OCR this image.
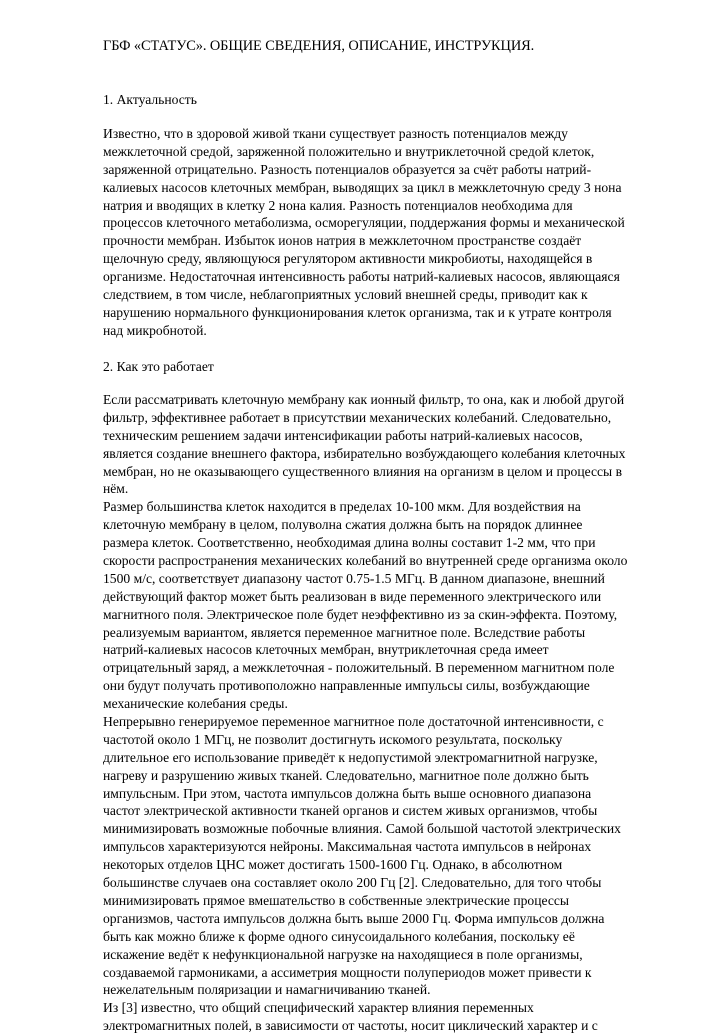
ГБФ «СТАТУС». ОБЩИЕ СВЕДЕНИЯ, ОПИСАНИЕ, ИНСТРУКЦИЯ.
1. Актуальность
Известно, что в здоровой живой ткани существует разность потенциалов между
межклеточной средой, заряженной положительно и внутриклеточной средой клеток,
заряженной отрицательно. Разность потенциалов образуется за счёт работы натрий-
калиевых насосов клеточных мембран, выводящих за цикл в межклеточную среду 3 нона
натрия и вводящих в клетку 2 нона калия. Разность потенциалов необходима для
процессов клеточного метаболизма, осморегуляции, поддержания формы и механической
прочности мембран. Избыток ионов натрия в межклеточном пространстве создаёт
щелочную среду, являющуюся регулятором активности микробиоты, находящейся в
организме. Недостаточная интенсивность работы натрий-калиевых насосов, являющаяся
следствием, в том числе, неблагоприятных условий внешней среды, приводит как к
нарушению нормального функционирования клеток организма, так и к утрате контроля
над микробнотой.
2. Как это работает
Если рассматривать клеточную мембрану как ионный фильтр, то она, как и любой другой
фильтр, эффективнее работает в присутствии механических колебаний. Следовательно,
техническим решением задачи интенсификации работы натрий-калиевых насосов,
является создание внешнего фактора, избирательно возбуждающего колебания клеточных
мембран, но не оказывающего существенного влияния на организм в целом и процессы в
нём.
Размер большинства клеток находится в пределах 10-100 мкм. Для воздействия на
клеточную мембрану в целом, полуволна сжатия должна быть на порядок длиннее
размера клеток. Соответственно, необходимая длина волны составит 1-2 мм, что при
скорости распространения механических колебаний во внутренней среде организма около
1500 м/с, соответствует диапазону частот 0.75-1.5 МГц. В данном диапазоне, внешний
действующий фактор может быть реализован в виде переменного электрического или
магнитного поля. Электрическое поле будет неэффективно из за скин-эффекта. Поэтому,
реализуемым вариантом, является переменное магнитное поле. Вследствие работы
натрий-калиевых насосов клеточных мембран, внутриклеточная среда имеет
отрицательный заряд, а межклеточная - положительный. В переменном магнитном поле
они будут получать противоположно направленные импульсы силы, возбуждающие
механические колебания среды.
Непрерывно генерируемое переменное магнитное поле достаточной интенсивности, с
частотой около 1 МГц, не позволит достигнуть искомого результата, поскольку
длительное его использование приведёт к недопустимой электромагнитной нагрузке,
нагреву и разрушению живых тканей. Следовательно, магнитное поле должно быть
импульсным. При этом, частота импульсов должна быть выше основного диапазона
частот электрической активности тканей органов и систем живых организмов, чтобы
минимизировать возможные побочные влияния. Самой большой частотой электрических
импульсов характеризуются нейроны. Максимальная частота импульсов в нейронах
некоторых отделов ЦНС может достигать 1500-1600 Гц. Однако, в абсолютном
большинстве случаев она составляет около 200 Гц [2]. Следовательно, для того чтобы
минимизировать прямое вмешательство в собственные электрические процессы
организмов, частота импульсов должна быть выше 2000 Гц. Форма импульсов должна
быть как можно ближе к форме одного синусоидального колебания, поскольку её
искажение ведёт к нефункциональной нагрузке на находящиеся в поле организмы,
создаваемой гармониками, а ассиметрия мощности полупериодов может привести к
нежелательным поляризации и намагничиванию тканей.
Из [3] известно, что общий специфический характер влияния переменных
электромагнитных полей, в зависимости от частоты, носит циклический характер и с
